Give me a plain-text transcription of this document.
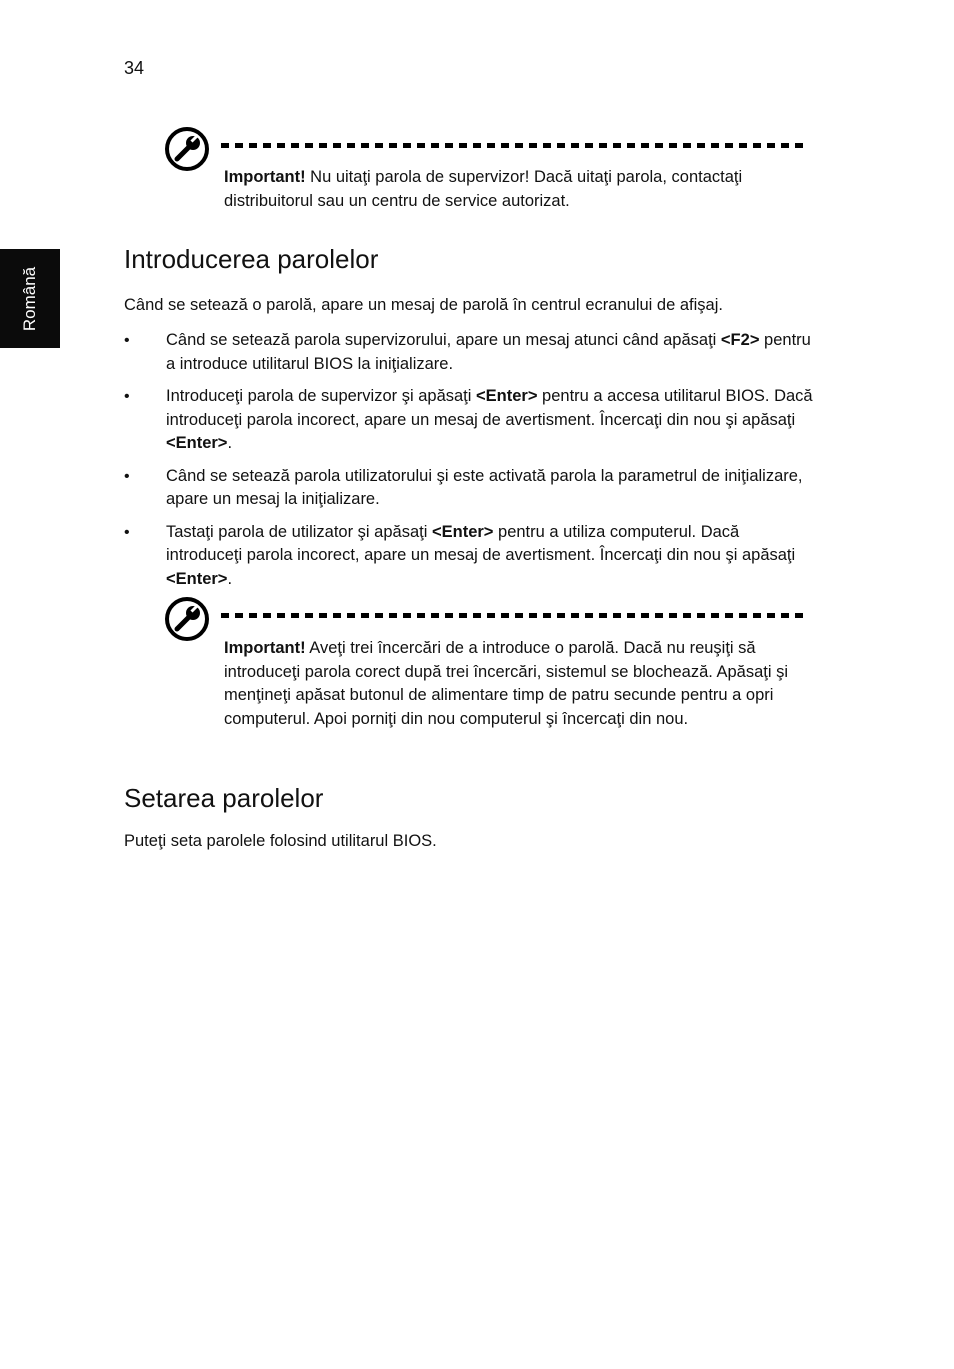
34
Română
Important! Nu uitaţi parola de supervizor! Dacă uitaţi parola, contactaţi distribuitorul sau un centru de service autorizat.
Introducerea parolelor

Când se setează o parolă, apare un mesaj de parolă în centrul ecranului de afişaj.

• Când se setează parola supervizorului, apare un mesaj atunci când apăsaţi <F2> pentru a introduce utilitarul BIOS la iniţializare.
• Introduceţi parola de supervizor şi apăsaţi <Enter> pentru a accesa utilitarul BIOS. Dacă introduceţi parola incorect, apare un mesaj de avertisment. Încercaţi din nou şi apăsaţi <Enter>.
• Când se setează parola utilizatorului şi este activată parola la parametrul de iniţializare, apare un mesaj la iniţializare.
• Tastaţi parola de utilizator şi apăsaţi <Enter> pentru a utiliza computerul. Dacă introduceţi parola incorect, apare un mesaj de avertisment. Încercaţi din nou şi apăsaţi <Enter>.
Important! Aveţi trei încercări de a introduce o parolă. Dacă nu reuşiţi să introduceţi parola corect după trei încercări, sistemul se blochează. Apăsaţi şi menţineţi apăsat butonul de alimentare timp de patru secunde pentru a opri computerul. Apoi porniţi din nou computerul şi încercaţi din nou.
Setarea parolelor

Puteţi seta parolele folosind utilitarul BIOS.
